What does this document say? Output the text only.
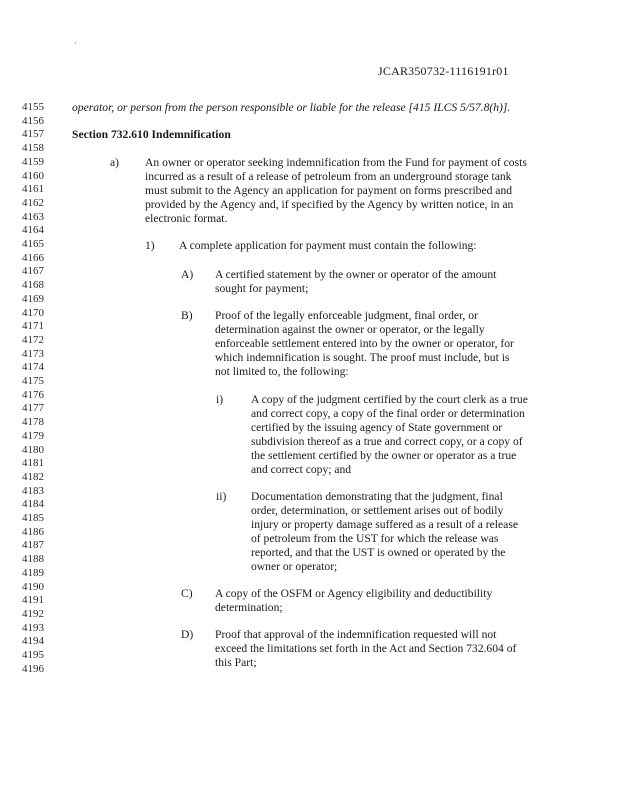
·
JCAR350732-1116191r01
4155
4156
4157
4158
4159
4160
4161
4162
4163
4164
4165
4166
4167
4168
4169
4170
4171
4172
4173
4174
4175
4176
4177
4178
4179
4180
4181
4182
4183
4184
4185
4186
4187
4188
4189
4190
4191
4192
4193
4194
4195
4196
operator, or person from the person responsible or liable for the release [415 ILCS 5/57.8(h)].
Section 732.610 Indemnification
a) An owner or operator seeking indemnification from the Fund for payment of costs
incurred as a result of a release of petroleum from an underground storage tank
must submit to the Agency an application for payment on forms prescribed and
provided by the Agency and, if specified by the Agency by written notice, in an
electronic format.
1) A complete application for payment must contain the following:
A) A certified statement by the owner or operator of the amount
sought for payment;
B) Proof of the legally enforceable judgment, final order, or
determination against the owner or operator, or the legally
enforceable settlement entered into by the owner or operator, for
which indemnification is sought. The proof must include, but is
not limited to, the following:
i) A copy of the judgment certified by the court clerk as a true
and correct copy, a copy of the final order or determination
certified by the issuing agency of State government or
subdivision thereof as a true and correct copy, or a copy of
the settlement certified by the owner or operator as a true
and correct copy; and
ii) Documentation demonstrating that the judgment, final
order, determination, or settlement arises out of bodily
injury or property damage suffered as a result of a release
of petroleum from the UST for which the release was
reported, and that the UST is owned or operated by the
owner or operator;
C) A copy of the OSFM or Agency eligibility and deductibility
determination;
D) Proof that approval of the indemnification requested will not
exceed the limitations set forth in the Act and Section 732.604 of
this Part;
